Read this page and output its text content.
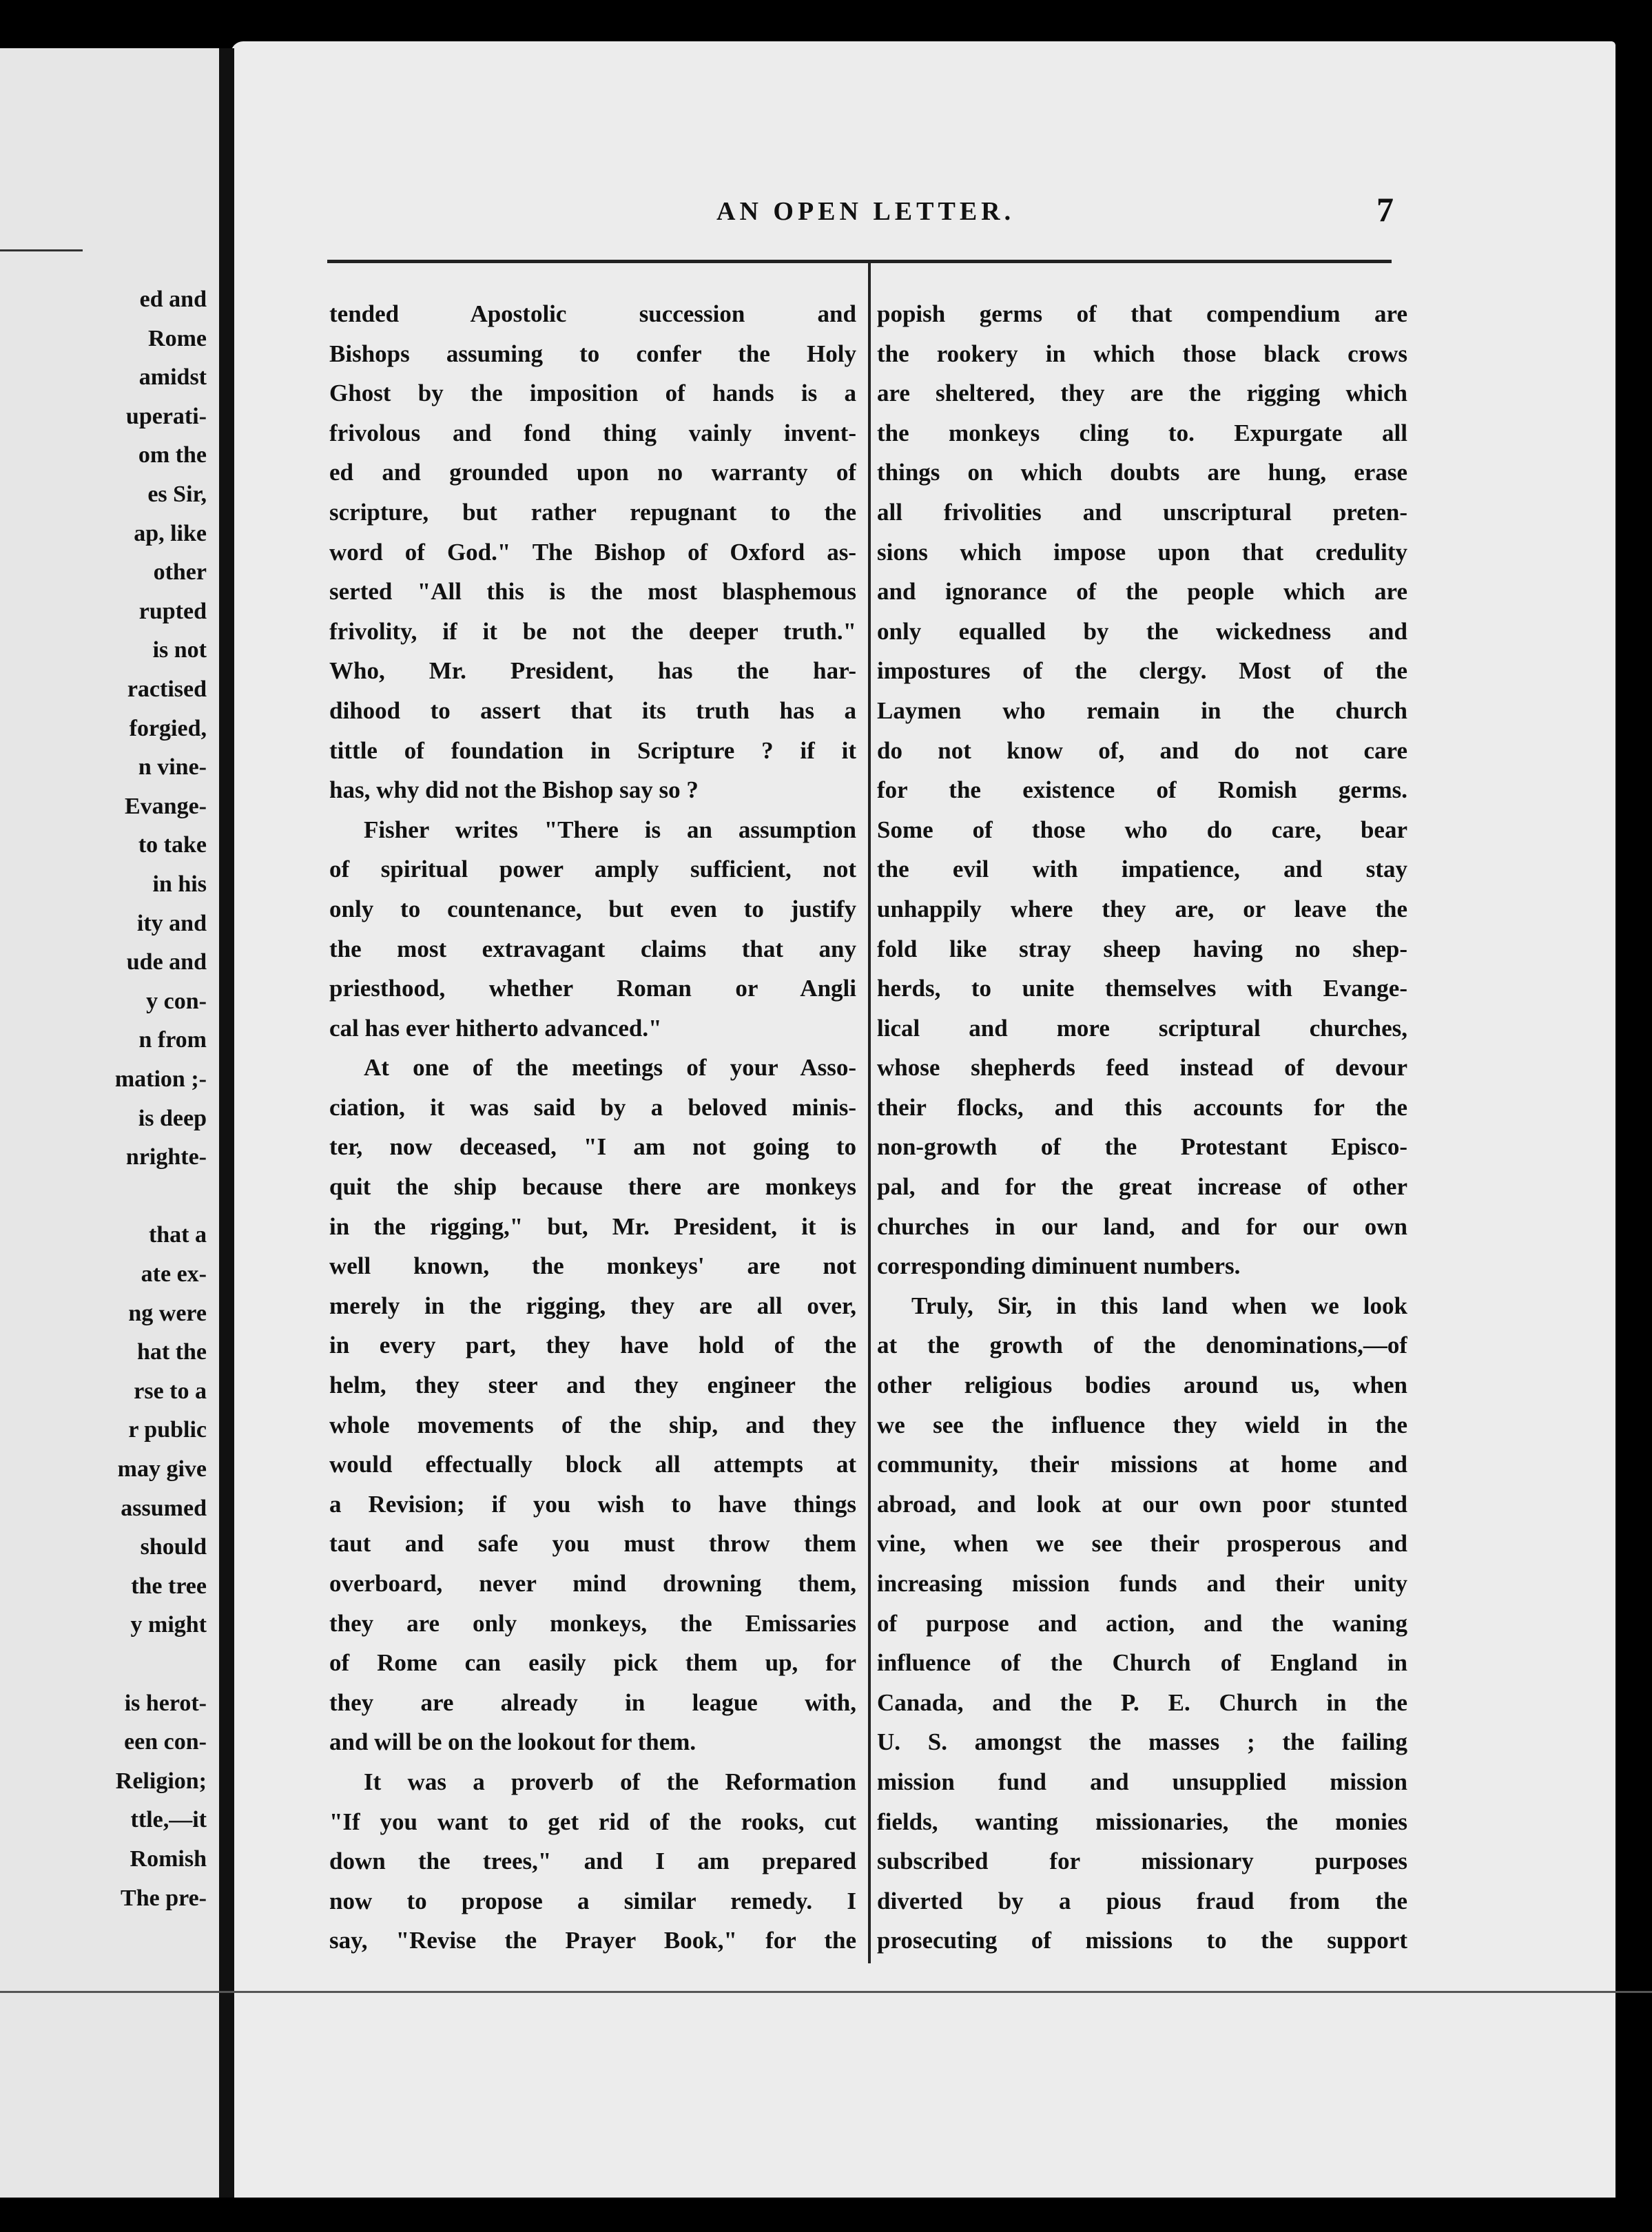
ed and
Rome
amidst
uperati-
om the
es Sir,
ap, like
other
rupted
is not
ractised
forgied,
n vine-
Evange-
to take
in his
ity and
ude and
y con-
n from
mation ;-
is deep
nrighte-
that a
ate ex-
ng were
hat the
rse to a
r public
may give
assumed
should
the tree
y might
is herot-
een con-
Religion;
ttle,—it
Romish
The pre-
AN OPEN LETTER.	7
tended Apostolic succession and
Bishops assuming to confer the Holy
Ghost by the imposition of hands is a
frivolous and fond thing vainly invent-
ed and grounded upon no warranty of
scripture, but rather repugnant to the
word of God." The Bishop of Oxford as-
serted "All this is the most blasphemous
frivolity, if it be not the deeper truth."
Who, Mr. President, has the har-
dihood to assert that its truth has a
tittle of foundation in Scripture ? if it
has, why did not the Bishop say so ?
Fisher writes "There is an assumption
of spiritual power amply sufficient, not
only to countenance, but even to justify
the most extravagant claims that any
priesthood, whether Roman or Angli
cal has ever hitherto advanced."
At one of the meetings of your Asso-
ciation, it was said by a beloved minis-
ter, now deceased, "I am not going to
quit the ship because there are monkeys
in the rigging," but, Mr. President, it is
well known, the monkeys' are not
merely in the rigging, they are all over,
in every part, they have hold of the
helm, they steer and they engineer the
whole movements of the ship, and they
would effectually block all attempts at
a Revision; if you wish to have things
taut and safe you must throw them
overboard, never mind drowning them,
they are only monkeys, the Emissaries
of Rome can easily pick them up, for
they are already in league with,
and will be on the lookout for them.
It was a proverb of the Reformation
"If you want to get rid of the rooks, cut
down the trees," and I am prepared
now to propose a similar remedy. I
say, "Revise the Prayer Book," for the
popish germs of that compendium are
the rookery in which those black crows
are sheltered, they are the rigging which
the monkeys cling to. Expurgate all
things on which doubts are hung, erase
all frivolities and unscriptural preten-
sions which impose upon that credulity
and ignorance of the people which are
only equalled by the wickedness and
impostures of the clergy. Most of the
Laymen who remain in the church
do not know of, and do not care
for the existence of Romish germs.
Some of those who do care, bear
the evil with impatience, and stay
unhappily where they are, or leave the
fold like stray sheep having no shep-
herds, to unite themselves with Evange-
lical and more scriptural churches,
whose shepherds feed instead of devour
their flocks, and this accounts for the
non-growth of the Protestant Episco-
pal, and for the great increase of other
churches in our land, and for our own
corresponding diminuent numbers.
Truly, Sir, in this land when we look
at the growth of the denominations,—of
other religious bodies around us, when
we see the influence they wield in the
community, their missions at home and
abroad, and look at our own poor stunted
vine, when we see their prosperous and
increasing mission funds and their unity
of purpose and action, and the waning
influence of the Church of England in
Canada, and the P. E. Church in the
U. S. amongst the masses ; the failing
mission fund and unsupplied mission
fields, wanting missionaries, the monies
subscribed for missionary purposes
diverted by a pious fraud from the
prosecuting of missions to the support
